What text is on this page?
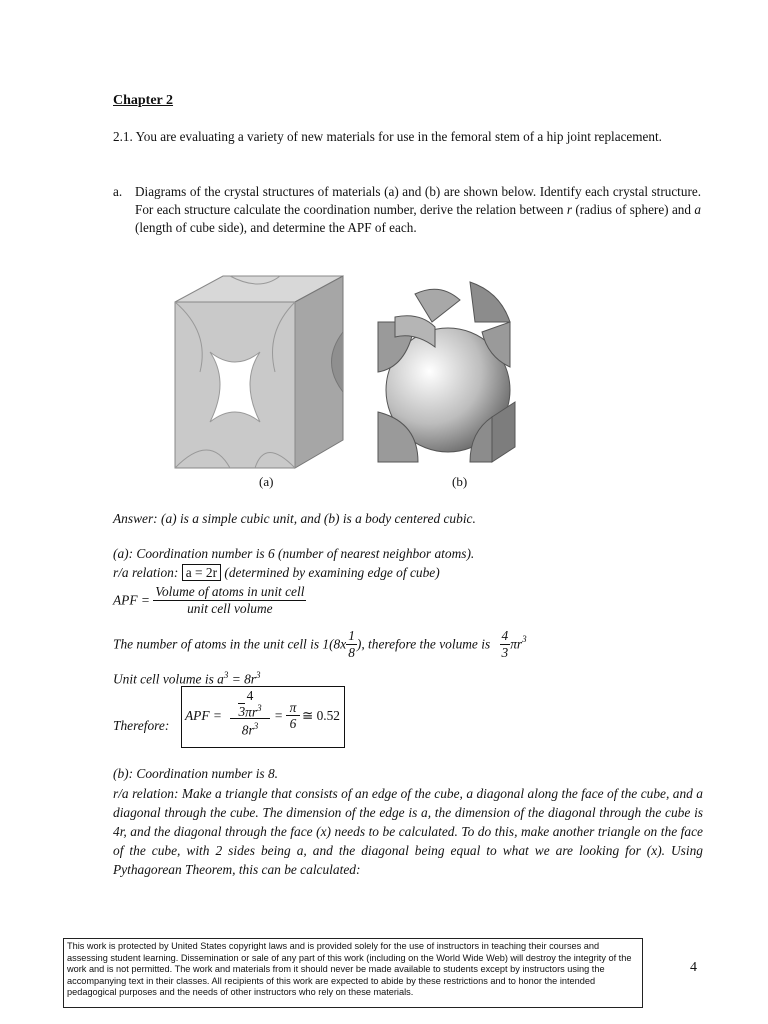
Chapter 2
2.1. You are evaluating a variety of new materials for use in the femoral stem of a hip joint replacement.
a. Diagrams of the crystal structures of materials (a) and (b) are shown below. Identify each crystal structure. For each structure calculate the coordination number, derive the relation between r (radius of sphere) and a (length of cube side), and determine the APF of each.
(a)	(b)
Answer: (a) is a simple cubic unit, and (b) is a body centered cubic.
(a): Coordination number is 6 (number of nearest neighbor atoms).
r/a relation: a = 2r (determined by examining edge of cube)
APF = $\frac{\text{Volume of atoms in unit cell}}{\text{unit cell volume}}$
The number of atoms in the unit cell is $1(8x \frac{1}{8}$ ), therefore the volume is $\frac{4}{3} \pi r^3$
Unit cell volume is $a^3 = 8r^3$
Therefore:
APF =
4
$3\pi r^3$
$8r^3$
=
π
6
≅ 0.52
(b): Coordination number is 8.
r/a relation: Make a triangle that consists of an edge of the cube, a diagonal along the face of the cube, and a diagonal through the cube. The dimension of the edge is a, the dimension of the diagonal through the cube is 4r, and the diagonal through the face (x) needs to be calculated. To do this, make another triangle on the face of the cube, with 2 sides being a, and the diagonal being equal to what we are looking for (x). Using Pythagorean Theorem, this can be calculated:
This work is protected by United States copyright laws and is provided solely for the use of instructors in teaching their courses and assessing student learning. Dissemination or sale of any part of this work (including on the World Wide Web) will destroy the integrity of the work and is not permitted. The work and materials from it should never be made available to students except by instructors using the accompanying text in their classes. All recipients of this work are expected to abide by these restrictions and to honor the intended pedagogical purposes and the needs of other instructors who rely on these materials.
4
